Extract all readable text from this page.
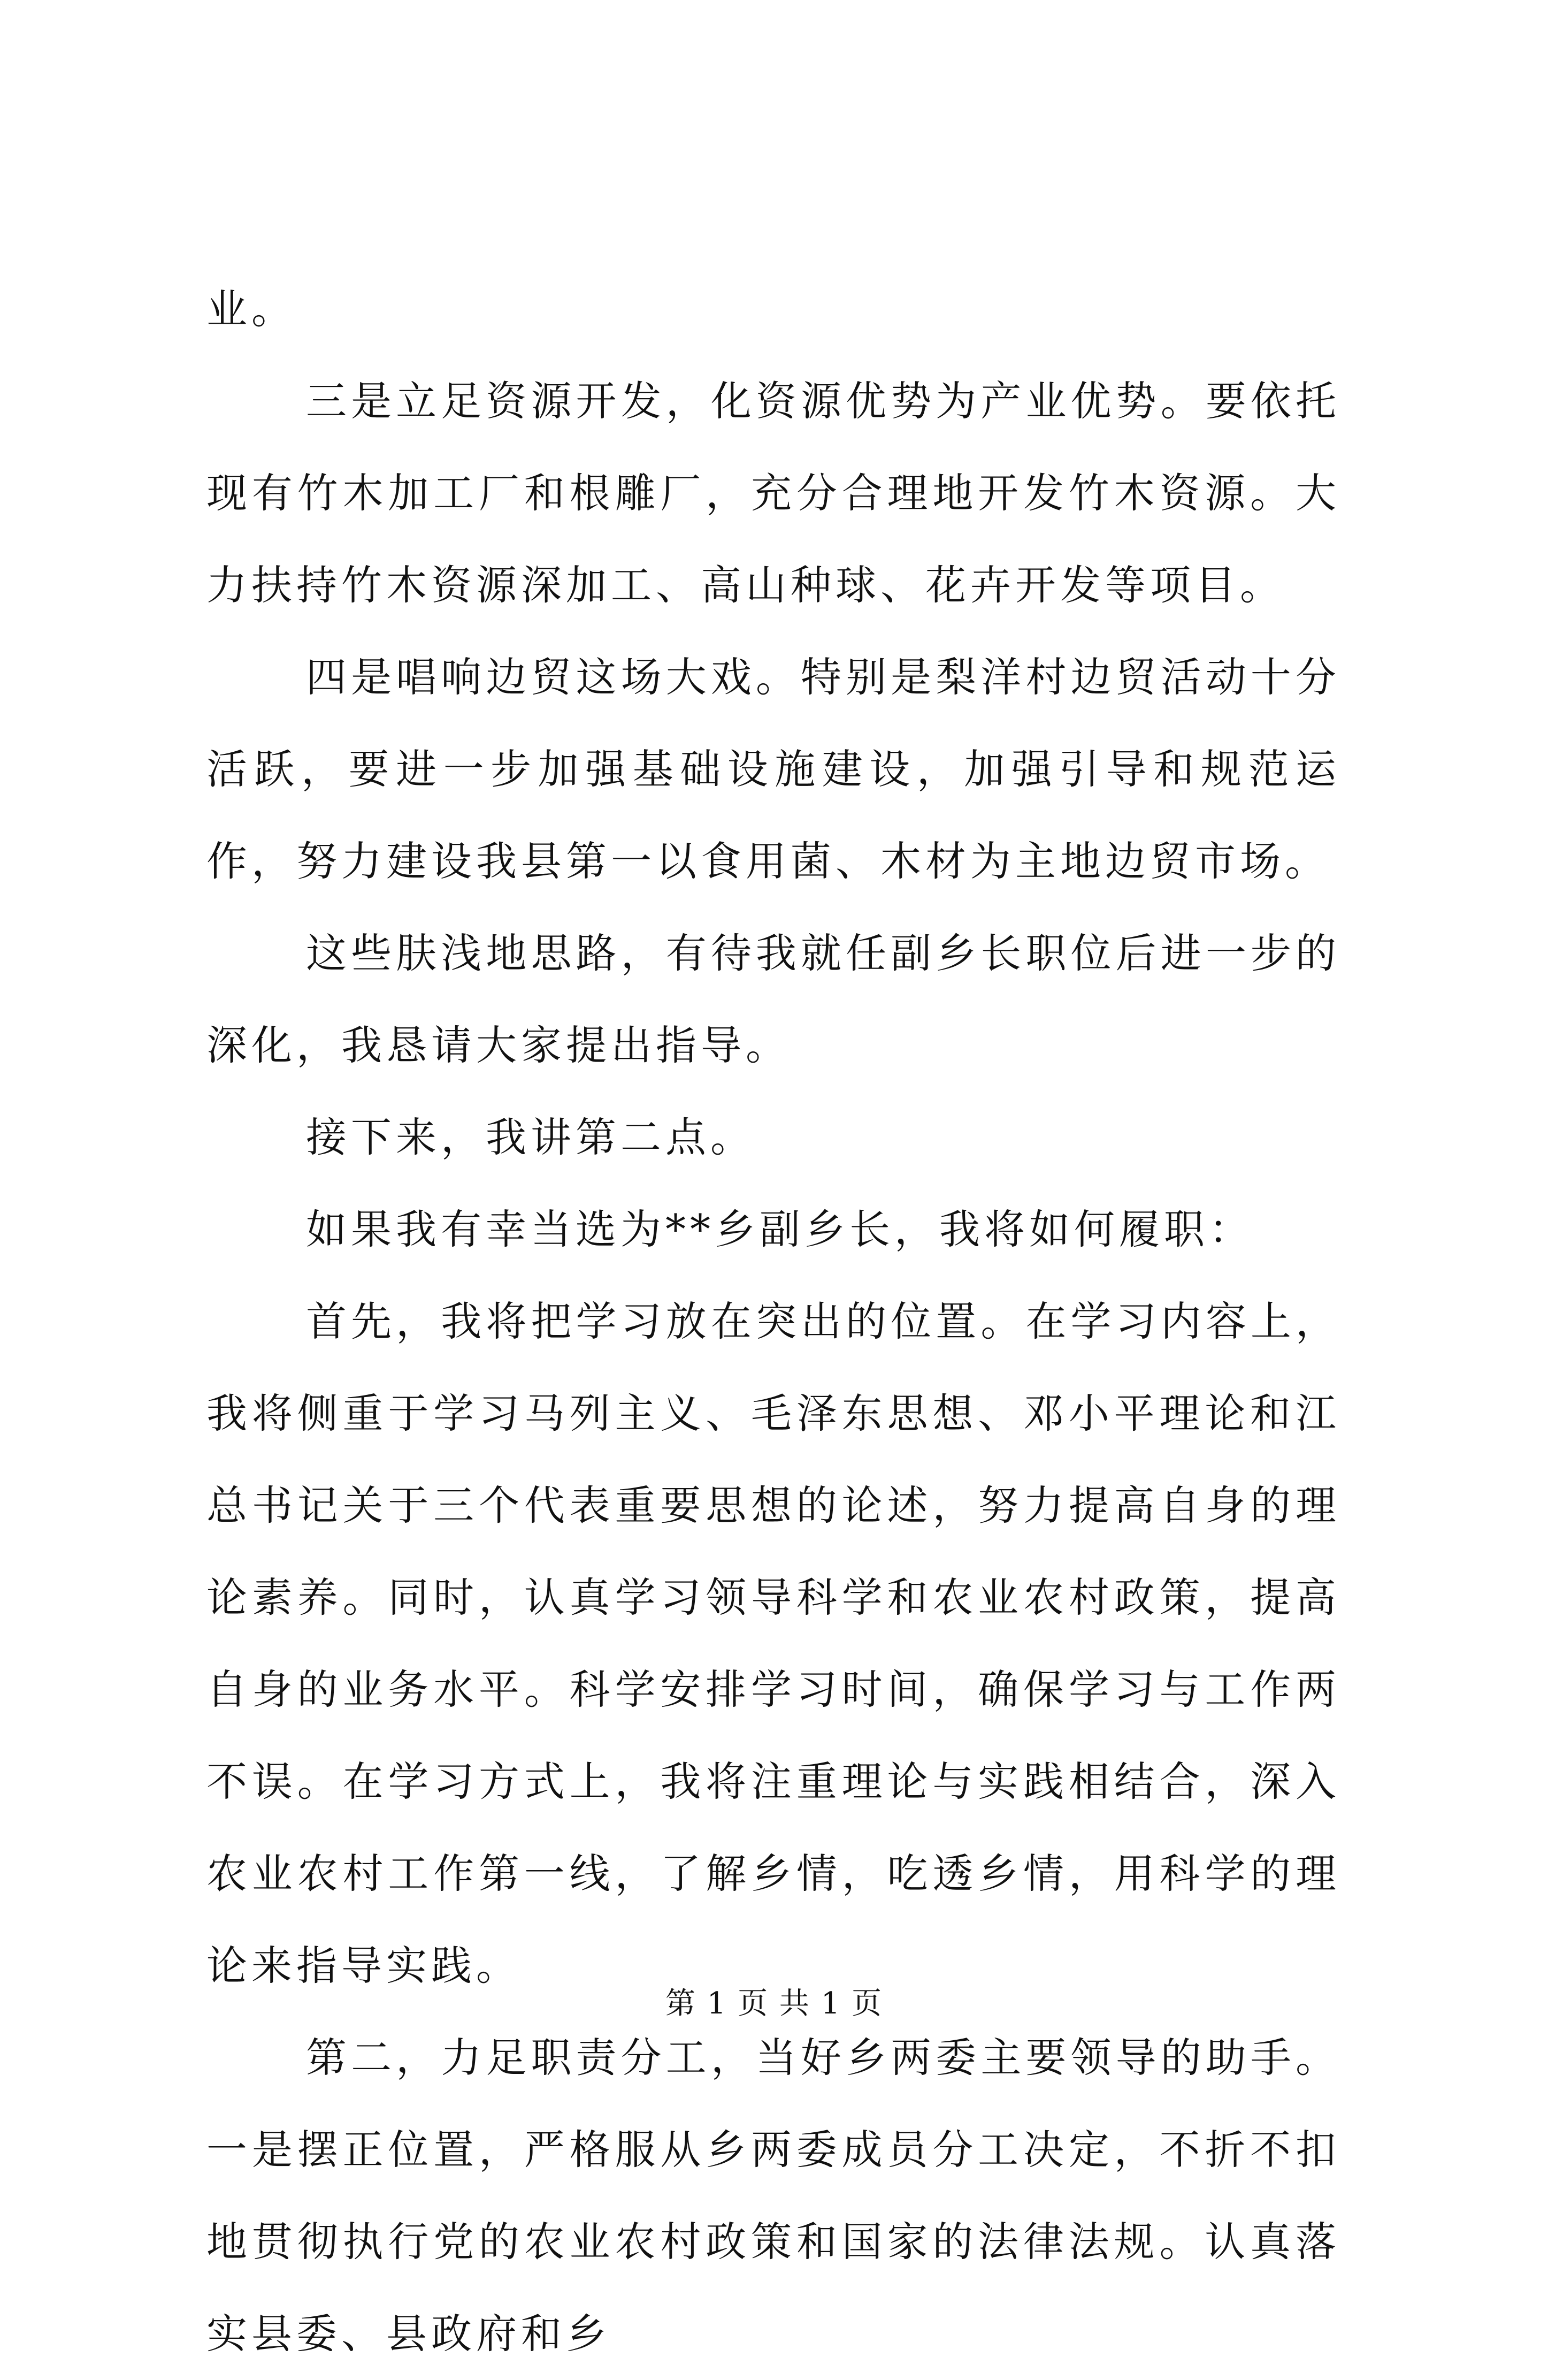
业。

三是立足资源开发，化资源优势为产业优势。要依托现有竹木加工厂和根雕厂，充分合理地开发竹木资源。大力扶持竹木资源深加工、高山种球、花卉开发等项目。

四是唱响边贸这场大戏。特别是梨洋村边贸活动十分活跃，要进一步加强基础设施建设，加强引导和规范运作，努力建设我县第一以食用菌、木材为主地边贸市场。

这些肤浅地思路，有待我就任副乡长职位后进一步的深化，我恳请大家提出指导。

接下来，我讲第二点。

如果我有幸当选为**乡副乡长，我将如何履职：

首先，我将把学习放在突出的位置。在学习内容上，我将侧重于学习马列主义、毛泽东思想、邓小平理论和江总书记关于三个代表重要思想的论述，努力提高自身的理论素养。同时，认真学习领导科学和农业农村政策，提高自身的业务水平。科学安排学习时间，确保学习与工作两不误。在学习方式上，我将注重理论与实践相结合，深入农业农村工作第一线，了解乡情，吃透乡情，用科学的理论来指导实践。

第二，力足职责分工，当好乡两委主要领导的助手。一是摆正位置，严格服从乡两委成员分工决定，不折不扣地贯彻执行党的农业农村政策和国家的法律法规。认真落实县委、县政府和乡

第 1 页 共 1 页
